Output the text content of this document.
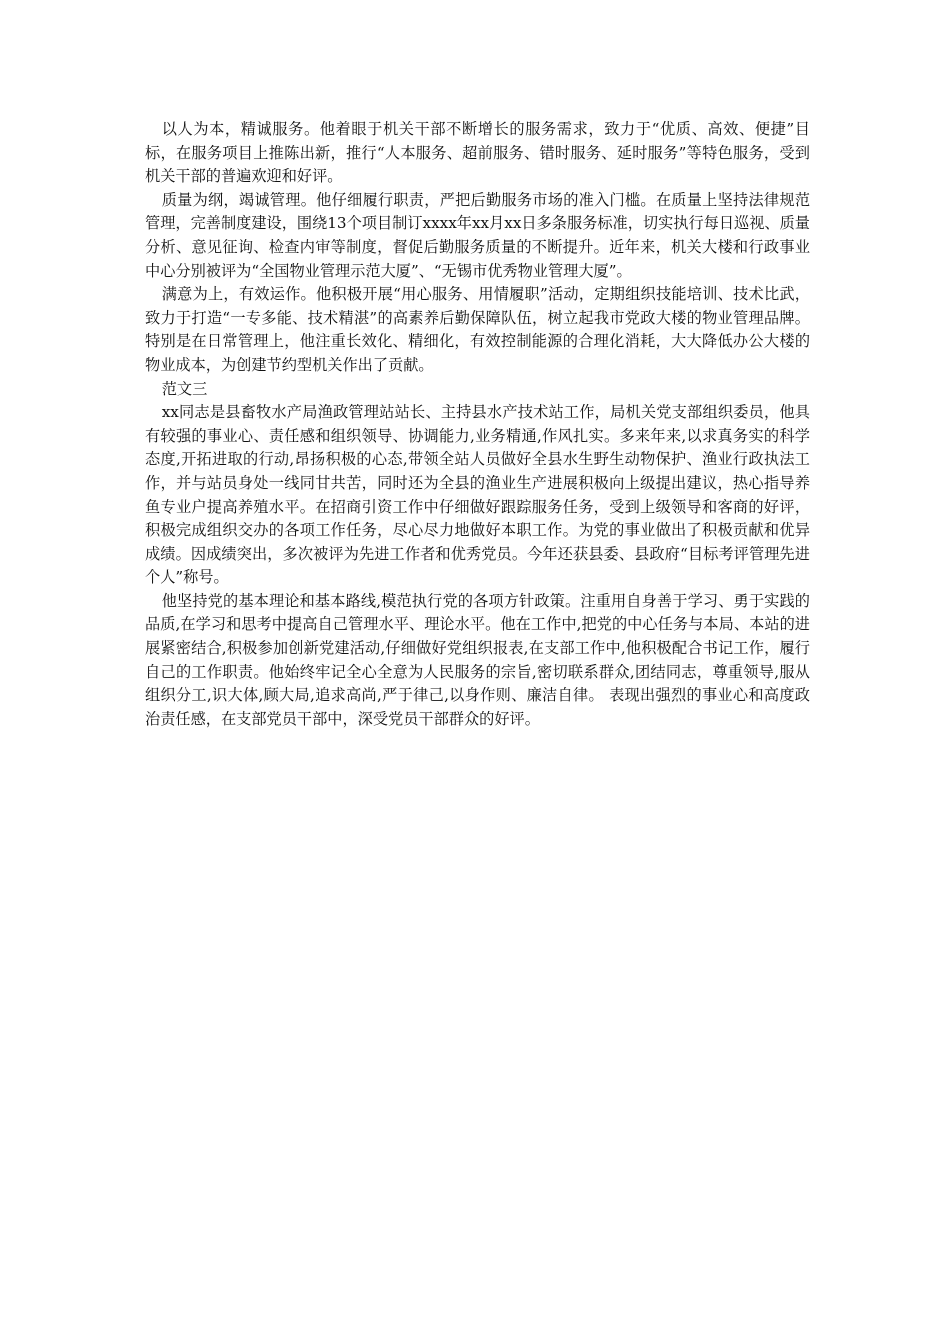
以人为本，精诚服务。他着眼于机关干部不断增长的服务需求，致力于“优质、高效、便捷”目标，在服务项目上推陈出新，推行“人本服务、超前服务、错时服务、延时服务”等特色服务，受到机关干部的普遍欢迎和好评。

质量为纲，竭诚管理。他仔细履行职责，严把后勤服务市场的准入门槛。在质量上坚持法律规范管理，完善制度建设，围绕13个项目制订xxxx年xx月xx日多条服务标准，切实执行每日巡视、质量分析、意见征询、检查内审等制度，督促后勤服务质量的不断提升。近年来，机关大楼和行政事业中心分别被评为“全国物业管理示范大厦”、“无锡市优秀物业管理大厦”。

满意为上，有效运作。他积极开展“用心服务、用情履职”活动，定期组织技能培训、技术比武，致力于打造“一专多能、技术精湛”的高素养后勤保障队伍，树立起我市党政大楼的物业管理品牌。特别是在日常管理上，他注重长效化、精细化，有效控制能源的合理化消耗，大大降低办公大楼的物业成本，为创建节约型机关作出了贡献。

范文三

xx同志是县畜牧水产局渔政管理站站长、主持县水产技术站工作，局机关党支部组织委员，他具有较强的事业心、责任感和组织领导、协调能力,业务精通,作风扎实。多来年来,以求真务实的科学态度,开拓进取的行动,昂扬积极的心态,带领全站人员做好全县水生野生动物保护、渔业行政执法工作，并与站员身处一线同甘共苦，同时还为全县的渔业生产进展积极向上级提出建议，热心指导养鱼专业户提高养殖水平。在招商引资工作中仔细做好跟踪服务任务，受到上级领导和客商的好评，积极完成组织交办的各项工作任务，尽心尽力地做好本职工作。为党的事业做出了积极贡献和优异成绩。因成绩突出，多次被评为先进工作者和优秀党员。今年还获县委、县政府“目标考评管理先进个人”称号。

他坚持党的基本理论和基本路线,模范执行党的各项方针政策。注重用自身善于学习、勇于实践的品质,在学习和思考中提高自己管理水平、理论水平。他在工作中,把党的中心任务与本局、本站的进展紧密结合,积极参加创新党建活动,仔细做好党组织报表,在支部工作中,他积极配合书记工作，履行自己的工作职责。他始终牢记全心全意为人民服务的宗旨,密切联系群众,团结同志，尊重领导,服从组织分工,识大体,顾大局,追求高尚,严于律己,以身作则、廉洁自律。 表现出强烈的事业心和高度政治责任感，在支部党员干部中，深受党员干部群众的好评。
